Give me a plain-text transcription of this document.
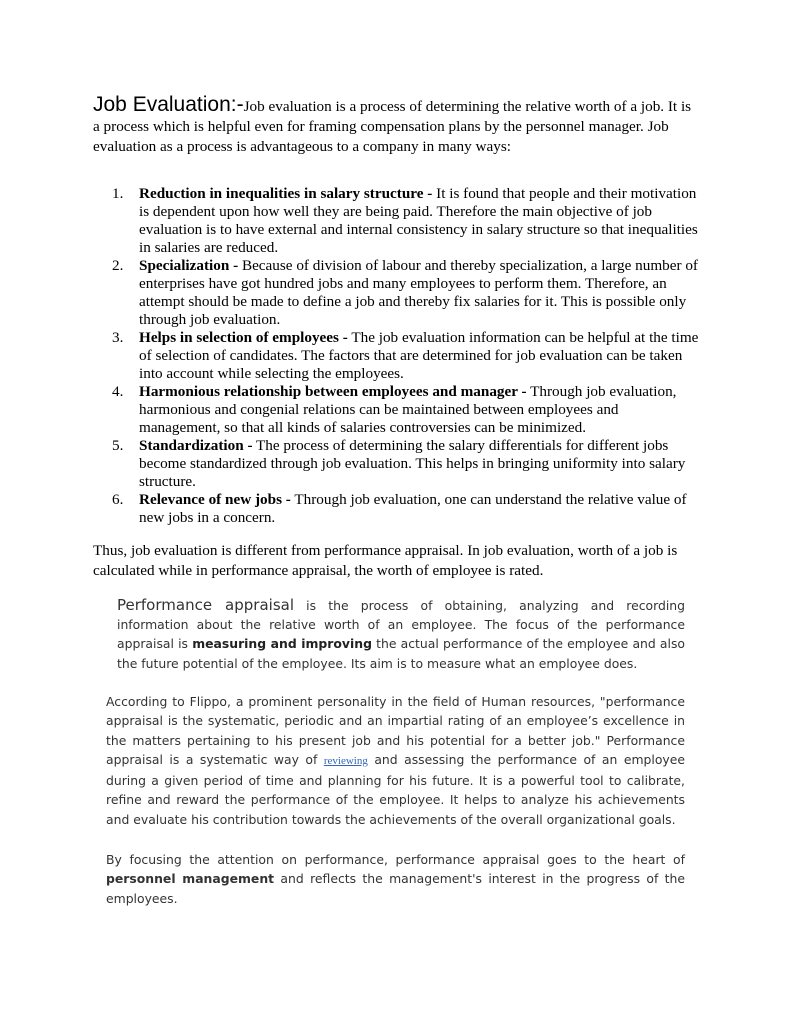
Job Evaluation:-Job evaluation is a process of determining the relative worth of a job. It is a process which is helpful even for framing compensation plans by the personnel manager. Job evaluation as a process is advantageous to a company in many ways:

1. Reduction in inequalities in salary structure - It is found that people and their motivation is dependent upon how well they are being paid. Therefore the main objective of job evaluation is to have external and internal consistency in salary structure so that inequalities in salaries are reduced.
2. Specialization - Because of division of labour and thereby specialization, a large number of enterprises have got hundred jobs and many employees to perform them. Therefore, an attempt should be made to define a job and thereby fix salaries for it. This is possible only through job evaluation.
3. Helps in selection of employees - The job evaluation information can be helpful at the time of selection of candidates. The factors that are determined for job evaluation can be taken into account while selecting the employees.
4. Harmonious relationship between employees and manager - Through job evaluation, harmonious and congenial relations can be maintained between employees and management, so that all kinds of salaries controversies can be minimized.
5. Standardization - The process of determining the salary differentials for different jobs become standardized through job evaluation. This helps in bringing uniformity into salary structure.
6. Relevance of new jobs - Through job evaluation, one can understand the relative value of new jobs in a concern.

Thus, job evaluation is different from performance appraisal. In job evaluation, worth of a job is calculated while in performance appraisal, the worth of employee is rated.

Performance appraisal is the process of obtaining, analyzing and recording information about the relative worth of an employee. The focus of the performance appraisal is measuring and improving the actual performance of the employee and also the future potential of the employee. Its aim is to measure what an employee does.

According to Flippo, a prominent personality in the field of Human resources, "performance appraisal is the systematic, periodic and an impartial rating of an employee’s excellence in the matters pertaining to his present job and his potential for a better job." Performance appraisal is a systematic way of reviewing and assessing the performance of an employee during a given period of time and planning for his future. It is a powerful tool to calibrate, refine and reward the performance of the employee. It helps to analyze his achievements and evaluate his contribution towards the achievements of the overall organizational goals.

By focusing the attention on performance, performance appraisal goes to the heart of personnel management and reflects the management's interest in the progress of the employees.
